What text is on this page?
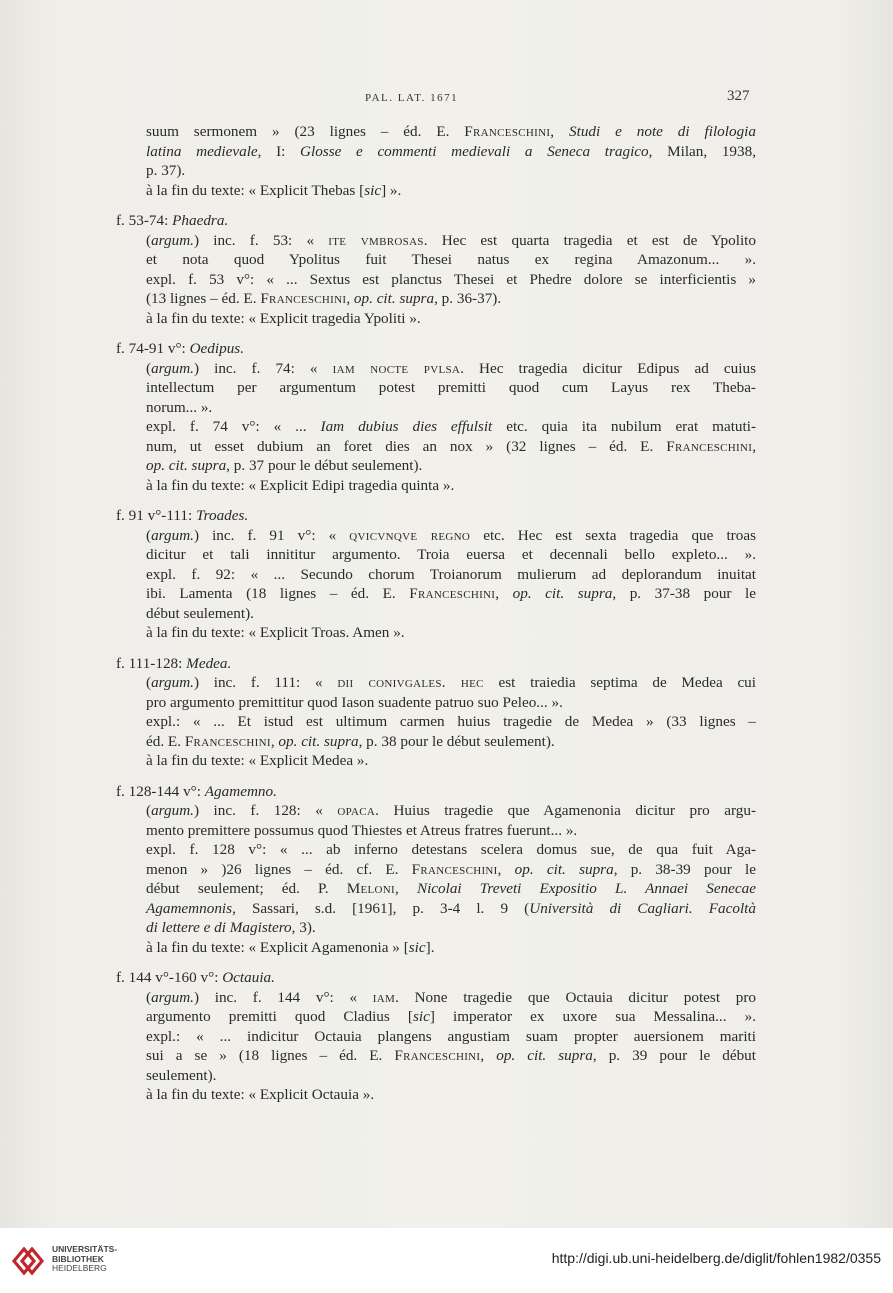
PAL. LAT. 1671	327
suum sermonem » (23 lignes – éd. E. Franceschini, Studi e note di filologia
latina medievale, I: Glosse e commenti medievali a Seneca tragico, Milan, 1938,
p. 37).
à la fin du texte: « Explicit Thebas [sic] ».
f. 53-74: Phaedra.
(argum.) inc. f. 53: « ite vmbrosas. Hec est quarta tragedia et est de Ypolito
et nota quod Ypolitus fuit Thesei natus ex regina Amazonum... ».
expl. f. 53 v°: « ... Sextus est planctus Thesei et Phedre dolore se interficientis »
(13 lignes – éd. E. Franceschini, op. cit. supra, p. 36-37).
à la fin du texte: « Explicit tragedia Ypoliti ».
f. 74-91 v°: Oedipus.
(argum.) inc. f. 74: « iam nocte pvlsa. Hec tragedia dicitur Edipus ad cuius
intellectum per argumentum potest premitti quod cum Layus rex Theba-
norum... ».
expl. f. 74 v°: « ... Iam dubius dies effulsit etc. quia ita nubilum erat matuti-
num, ut esset dubium an foret dies an nox » (32 lignes – éd. E. Franceschini,
op. cit. supra, p. 37 pour le début seulement).
à la fin du texte: « Explicit Edipi tragedia quinta ».
f. 91 v°-111: Troades.
(argum.) inc. f. 91 v°: « qvicvnqve regno etc. Hec est sexta tragedia que troas
dicitur et tali innititur argumento. Troia euersa et decennali bello expleto... ».
expl. f. 92: « ... Secundo chorum Troianorum mulierum ad deplorandum inuitat
ibi. Lamenta (18 lignes – éd. E. Franceschini, op. cit. supra, p. 37-38 pour le
début seulement).
à la fin du texte: « Explicit Troas. Amen ».
f. 111-128: Medea.
(argum.) inc. f. 111: « dii conivgales. hec est traiedia septima de Medea cui
pro argumento premittitur quod Iason suadente patruo suo Peleo... ».
expl.: « ... Et istud est ultimum carmen huius tragedie de Medea » (33 lignes –
éd. E. Franceschini, op. cit. supra, p. 38 pour le début seulement).
à la fin du texte: « Explicit Medea ».
f. 128-144 v°: Agamemno.
(argum.) inc. f. 128: « opaca. Huius tragedie que Agamenonia dicitur pro argu-
mento premittere possumus quod Thiestes et Atreus fratres fuerunt... ».
expl. f. 128 v°: « ... ab inferno detestans scelera domus sue, de qua fuit Aga-
menon » )26 lignes – éd. cf. E. Franceschini, op. cit. supra, p. 38-39 pour le
début seulement; éd. P. Meloni, Nicolai Treveti Expositio L. Annaei Senecae
Agamemnonis, Sassari, s.d. [1961], p. 3-4 l. 9 (Università di Cagliari. Facoltà
di lettere e di Magistero, 3).
à la fin du texte: « Explicit Agamenonia » [sic].
f. 144 v°-160 v°: Octauia.
(argum.) inc. f. 144 v°: « iam. None tragedie que Octauia dicitur potest pro
argumento premitti quod Cladius [sic] imperator ex uxore sua Messalina... ».
expl.: « ... indicitur Octauia plangens angustiam suam propter auersionem mariti
sui a se » (18 lignes – éd. E. Franceschini, op. cit. supra, p. 39 pour le début
seulement).
à la fin du texte: « Explicit Octauia ».
UNIVERSITÄTS-
BIBLIOTHEK
HEIDELBERG
http://digi.ub.uni-heidelberg.de/diglit/fohlen1982/0355
